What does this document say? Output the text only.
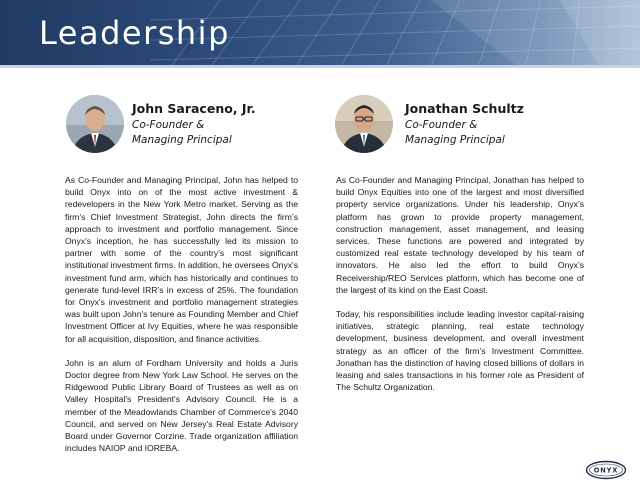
Leadership
John Saraceno, Jr.
Co-Founder &
Managing Principal

As Co-Founder and Managing Principal, John has helped to build Onyx into on of the most active investment & redevelopers in the New York Metro market. Serving as the firm’s Chief Investment Strategist, John directs the firm’s approach to investment and portfolio management. Since Onyx’s inception, he has successfully led its mission to partner with some of the country’s most significant institutional investment firms. In addition, he oversees Onyx's investment fund arm, which has historically and continues to generate fund-level IRR’s in excess of 25%. The foundation for Onyx's investment and portfolio management strategies was built upon John's tenure as Founding Member and Chief Investment Officer at Ivy Equities, where he was responsible for all acquisition, disposition, and finance activities.

John is an alum of Fordham University and holds a Juris Doctor degree from New York Law School. He serves on the Ridgewood Public Library Board of Trustees as well as on Valley Hospital's President's Advisory Council. He is a member of the Meadowlands Chamber of Commerce's 2040 Council, and served on New Jersey's Real Estate Advisory Board under Governor Corzine. Trade organization affiliation includes NAIOP and IOREBA.

Jonathan Schultz
Co-Founder &
Managing Principal

As Co-Founder and Managing Principal, Jonathan has helped to build Onyx Equities into one of the largest and most diversified property service organizations. Under his leadership, Onyx’s platform has grown to provide property management, construction management, asset management, and leasing services. These functions are powered and integrated by customized real estate technology developed by his team of innovators. He also led the effort to build Onyx’s Receivership/REO Services platform, which has become one of the largest of its kind on the East Coast.

Today, his responsibilities include leading investor capital-raising initiatives, strategic planning, real estate technology development, business development, and overall investment strategy as an officer of the firm’s Investment Committee. Jonathan has the distinction of having closed billions of dollars in leasing and sales transactions in his former role as President of The Schultz Organization.

ONYX
